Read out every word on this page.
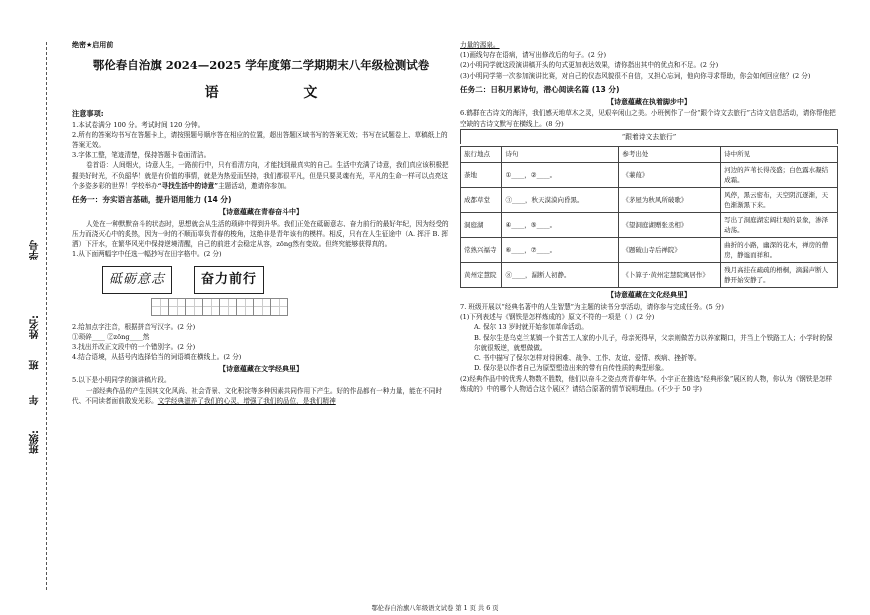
学号
姓名:
班
年
班级:

绝密★启用前

鄂伦春自治旗 2024—2025 学年度第二学期期末八年级检测试卷

语 文

注意事项:

1.本试卷满分 100 分。考试时间 120 分钟。

2.所有的答案均书写在答题卡上，请按照题号顺序答在相应的位置，超出答题区域书写的答案无效；书写在试题卷上、草稿纸上的答案无效。

3.字体工整，笔迹清楚，保持答题卡卷面清洁。

卷首语：人间烟火，诗意人生，一路前行中，只有看清方向，才能找到最真实的自己。生活中充满了诗意，我们真应该积极把握美好时光，不负韶华！就是有价值的事情，就是为热爱而坚持，我们都很平凡，但是只要灵魂有光，平凡的生命一样可以点亮这个多姿多彩的世界！学校举办“寻找生活中的诗意”主题活动，邀请你参加。

任务一：夯实语言基础，提升语用能力 (14 分)

【诗意蕴藏在青春奋斗中】

人处在一种默默奋斗的状态时，思想就会从生活的琐碎中得到升华。我们正处在砥砺意志、奋力前行的最好年纪，因为经受的压力而浇灭心中的炙热，因为一时的不顺而辜负青春的梭角，这绝非是青年该有的模样。相反，只有在人生征途中（A. 挥汗 B. 挥洒）下汗水，在繁华风光中保持逆境清醒，自己的前进才会稳定从容，zōng然有变故。但终究能够获得真的。

1.从下面两幅字中任选一幅抄写在田字格中。(2 分)

砥砺意志	奋力前行

2.给加点字注音，根据拼音写汉字。(2 分)

①琐碎____ ②zōng____然

3.找出并改正文段中的一个错别字。(2 分)

4.结合语境，从括号内选择恰当的词语填在横线上。(2 分)

【诗意蕴藏在文学经典里】

5.以下是小明同学的演讲稿片段。

一部经典作品的产生因其文化风尚、社会背景、文化积淀等多种因素共同作用下产生。好的作品都有一种力量，能在不同时代、不同读者面前散发光彩。文学经典滋养了我们的心灵，增强了我们的品位，是我们精神

力量的源泉。

(1)画线句存在语病，请写出修改后的句子。(2 分)

(2)小明同学就这段演讲稿开头的句式更加表达效果，请你指出其中的优点和不足。(2 分)

(3)小明同学第一次参加演讲比赛，对自己的仪态风貌很不自信，又担心忘词，他向你寻求帮助，你会如何回应他？(2 分)

任务二：日积月累诗句，潜心阅读名篇 (13 分)

【诗意蕴藏在执着脚步中】

6.鹤群在古诗文的海洋，我们感天地草木之灵，见艰辛闲山之美。小班例作了一份“跟个诗文去旅行”古诗文信息活动，请你帮他把空缺的古诗文默写在横线上。(8 分)

“跟着诗文去旅行”
旅行地点	诗句	参考出处	诗中所见
荼地	①____，②____。	《蒹葭》	河边的芦苇长得茂盛；白色露水凝结成霜。
成都草堂	③____，秋天漠漠向昏黑。	《茅屋为秋风所破歌》	风停，黑云密布，天空阴沉逐渐，天色渐渐黑下来。
洞庭湖	④____，⑤____。	《望洞庭湖赠张丞相》	写出了洞庭湖宏阔壮观的景象，渗泽动荡。
常熟兴福寺	⑥____，⑦____。	《题破山寺后禅院》	曲折的小路，幽深的花木，禅房的僧房，静谧而祥和。
黄州定慧院	⑧____，漏断人初静。	《卜算子·黄州定慧院寓居作》	残月高挂在疏疏的梧桐，滴漏声断人静开始安静了。

【诗意蕴藏在文化经典里】

7. 班级开展以“经典名著中的人生智慧”为主题的读书分享活动，请你参与完成任务。(5 分)

(1)下列表述与《钢铁是怎样炼成的》原文不符的一项是（ ）(2 分)

A. 保尔 13 岁时就开始参加革命活动。

B. 保尔生是乌克兰某镇一个贫苦工人家的小儿子，母亲死得早，父亲则做苦力以养家糊口，并当上个铁路工人；小学时的保尔就很叛逆，就想做做。

C. 书中描写了保尔怎样对待困难、战争、工作、友谊、爱情、疾病、挫折等。

D. 保尔是以作者自己为原型塑造出来的带有自传性质的典型形象。

(2)经典作品中的优秀人物数不胜数，他们以奋斗之姿点亮青春年华。小宇正在推选“经典形象”展区的人物，你认为《钢铁是怎样炼成的》中的哪个人物适合这个展区？请结合原著的情节说明理由。(不少于 50 字)

鄂伦春自治旗八年级语文试卷 第 1 页 共 6 页
